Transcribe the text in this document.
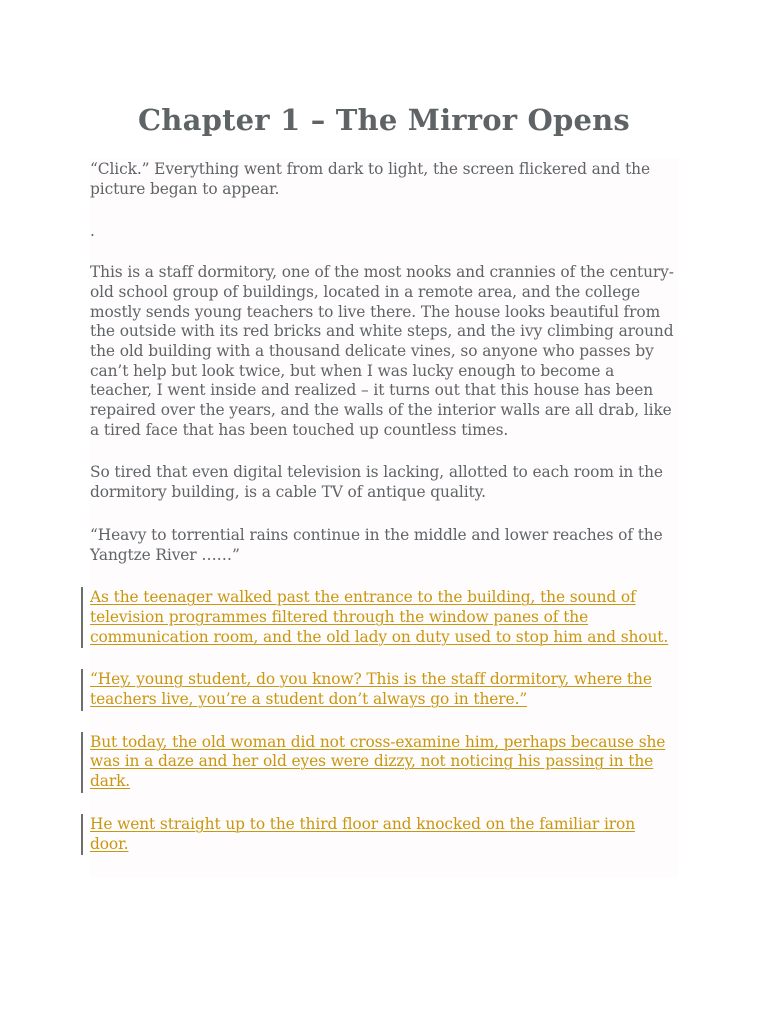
Chapter 1 – The Mirror Opens

“Click.” Everything went from dark to light, the screen flickered and the picture began to appear.

.

This is a staff dormitory, one of the most nooks and crannies of the century-old school group of buildings, located in a remote area, and the college mostly sends young teachers to live there. The house looks beautiful from the outside with its red bricks and white steps, and the ivy climbing around the old building with a thousand delicate vines, so anyone who passes by can’t help but look twice, but when I was lucky enough to become a teacher, I went inside and realized – it turns out that this house has been repaired over the years, and the walls of the interior walls are all drab, like a tired face that has been touched up countless times.

So tired that even digital television is lacking, allotted to each room in the dormitory building, is a cable TV of antique quality.

“Heavy to torrential rains continue in the middle and lower reaches of the Yangtze River ……”

As the teenager walked past the entrance to the building, the sound of television programmes filtered through the window panes of the communication room, and the old lady on duty used to stop him and shout.

“Hey, young student, do you know? This is the staff dormitory, where the teachers live, you’re a student don’t always go in there.”

But today, the old woman did not cross-examine him, perhaps because she was in a daze and her old eyes were dizzy, not noticing his passing in the dark.

He went straight up to the third floor and knocked on the familiar iron door.
